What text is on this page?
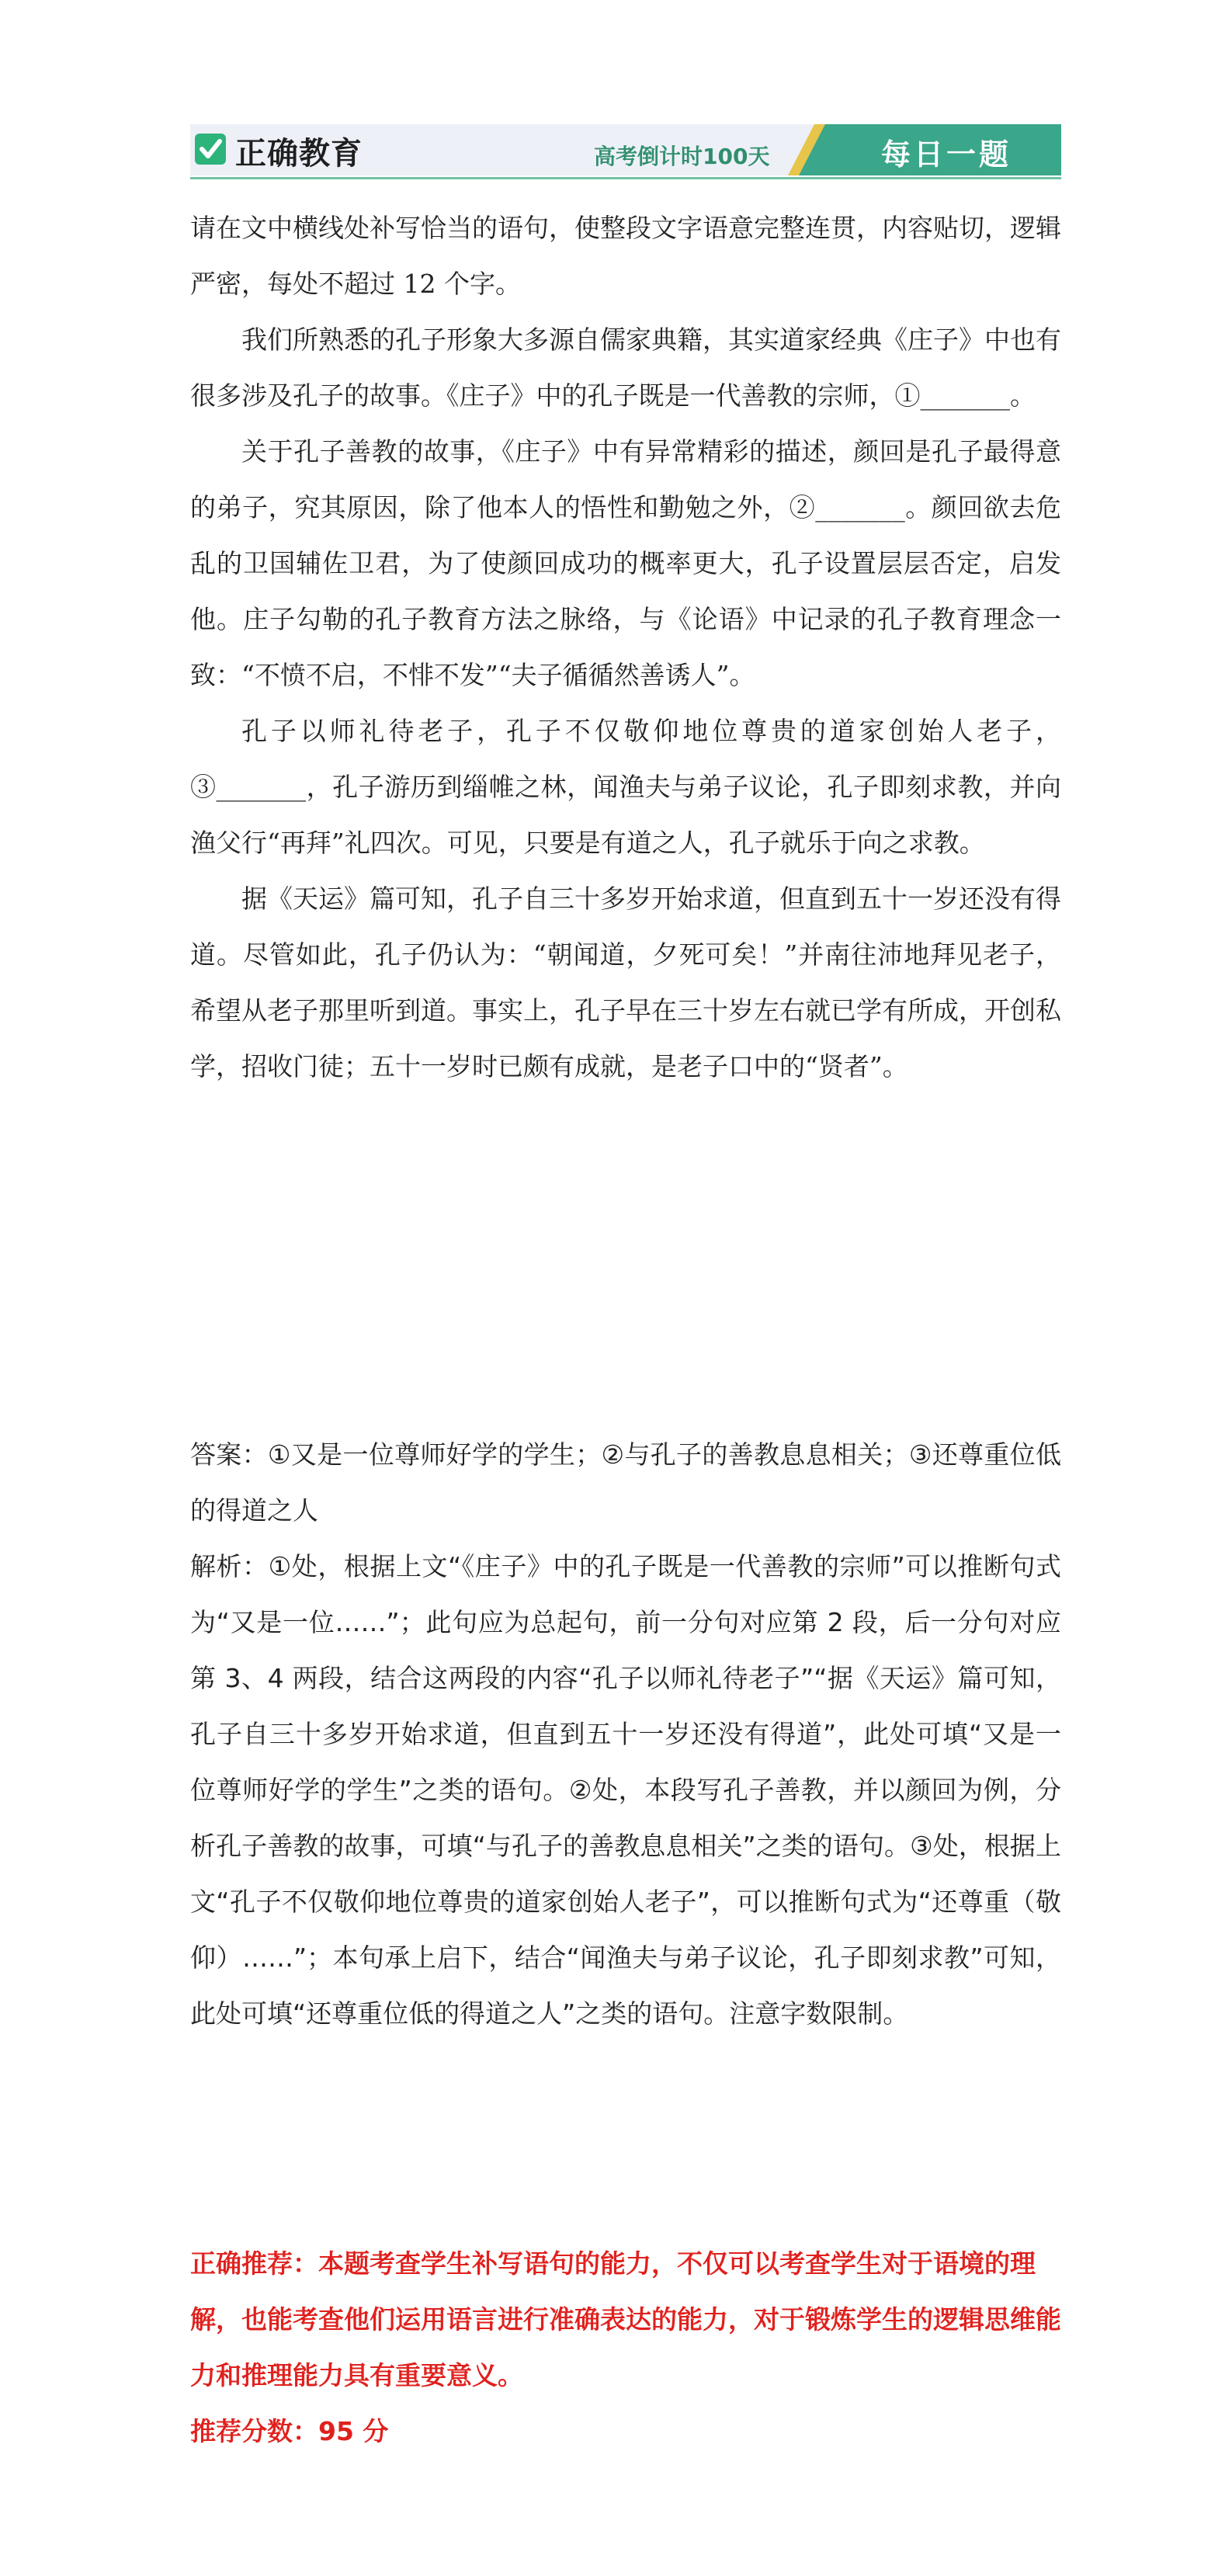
正确教育	高考倒计时100天	每日一题

请在文中横线处补写恰当的语句，使整段文字语意完整连贯，内容贴切，逻辑严密，每处不超过 12 个字。

我们所熟悉的孔子形象大多源自儒家典籍，其实道家经典《庄子》中也有很多涉及孔子的故事。《庄子》中的孔子既是一代善教的宗师，①_______。

关于孔子善教的故事，《庄子》中有异常精彩的描述，颜回是孔子最得意的弟子，究其原因，除了他本人的悟性和勤勉之外，②_______。颜回欲去危乱的卫国辅佐卫君，为了使颜回成功的概率更大，孔子设置层层否定，启发他。庄子勾勒的孔子教育方法之脉络，与《论语》中记录的孔子教育理念一致：“不愤不启，不悱不发”“夫子循循然善诱人”。

孔子以师礼待老子，孔子不仅敬仰地位尊贵的道家创始人老子，③_______，孔子游历到缁帷之林，闻渔夫与弟子议论，孔子即刻求教，并向渔父行“再拜”礼四次。可见，只要是有道之人，孔子就乐于向之求教。

据《天运》篇可知，孔子自三十多岁开始求道，但直到五十一岁还没有得道。尽管如此，孔子仍认为：“朝闻道，夕死可矣！”并南往沛地拜见老子，希望从老子那里听到道。事实上，孔子早在三十岁左右就已学有所成，开创私学，招收门徒；五十一岁时已颇有成就，是老子口中的“贤者”。

答案：①又是一位尊师好学的学生；②与孔子的善教息息相关；③还尊重位低的得道之人

解析：①处，根据上文“《庄子》中的孔子既是一代善教的宗师”可以推断句式为“又是一位……”；此句应为总起句，前一分句对应第 2 段，后一分句对应第 3、4 两段，结合这两段的内容“孔子以师礼待老子”“据《天运》篇可知，孔子自三十多岁开始求道，但直到五十一岁还没有得道”，此处可填“又是一位尊师好学的学生”之类的语句。②处，本段写孔子善教，并以颜回为例，分析孔子善教的故事，可填“与孔子的善教息息相关”之类的语句。③处，根据上文“孔子不仅敬仰地位尊贵的道家创始人老子”，可以推断句式为“还尊重（敬仰）……”；本句承上启下，结合“闻渔夫与弟子议论，孔子即刻求教”可知，此处可填“还尊重位低的得道之人”之类的语句。注意字数限制。

正确推荐：本题考查学生补写语句的能力，不仅可以考查学生对于语境的理解，也能考查他们运用语言进行准确表达的能力，对于锻炼学生的逻辑思维能力和推理能力具有重要意义。

推荐分数：95 分
